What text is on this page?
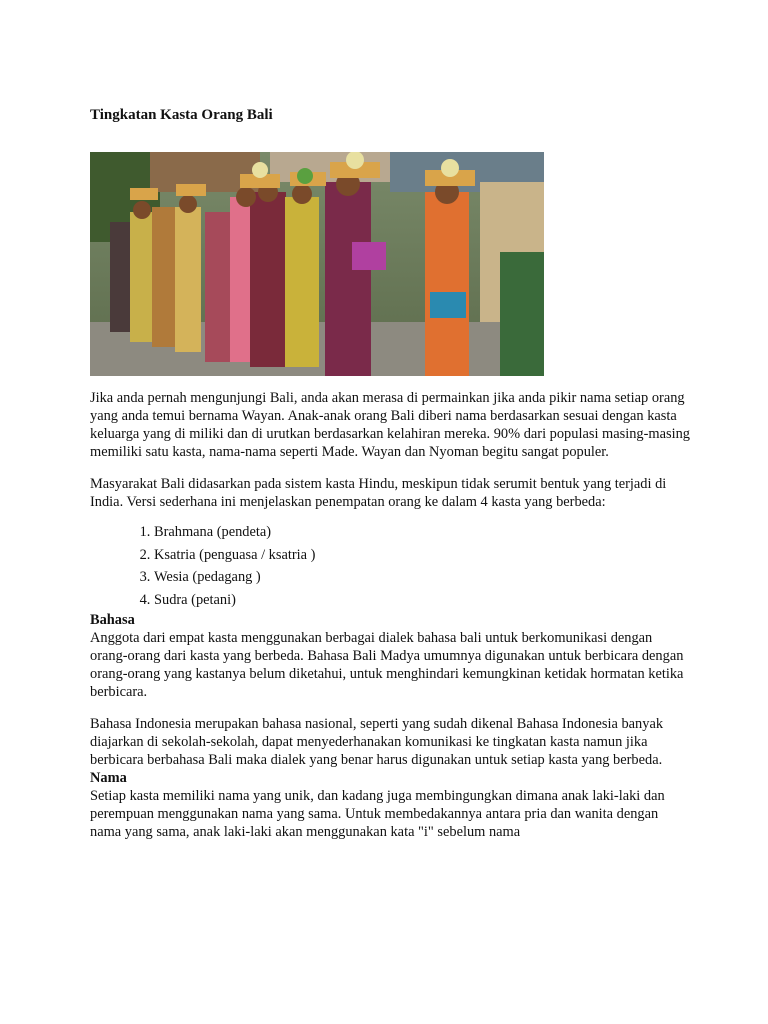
Tingkatan Kasta Orang Bali

Jika anda pernah mengunjungi Bali, anda akan merasa di permainkan jika anda pikir nama setiap orang yang anda temui bernama Wayan. Anak-anak orang Bali diberi nama berdasarkan sesuai dengan kasta keluarga yang di miliki dan di urutkan berdasarkan kelahiran mereka. 90% dari populasi masing-masing memiliki satu kasta, nama-nama seperti Made. Wayan dan Nyoman begitu sangat populer.

Masyarakat Bali didasarkan pada sistem kasta Hindu, meskipun tidak serumit bentuk yang terjadi di India. Versi sederhana ini menjelaskan penempatan orang ke dalam 4 kasta yang berbeda:

1. Brahmana (pendeta)
2. Ksatria (penguasa / ksatria )
3. Wesia (pedagang )
4. Sudra (petani)
Bahasa

Anggota dari empat kasta menggunakan berbagai dialek bahasa bali untuk berkomunikasi dengan orang-orang dari kasta yang berbeda. Bahasa Bali Madya umumnya digunakan untuk berbicara dengan orang-orang yang kastanya belum diketahui, untuk menghindari kemungkinan ketidak hormatan ketika berbicara.

Bahasa Indonesia merupakan bahasa nasional, seperti yang sudah dikenal Bahasa Indonesia banyak diajarkan di sekolah-sekolah, dapat menyederhanakan komunikasi ke tingkatan kasta namun jika berbicara berbahasa Bali maka dialek yang benar harus digunakan untuk setiap kasta yang berbeda.

Nama

Setiap kasta memiliki nama yang unik, dan kadang juga membingungkan dimana anak laki-laki dan perempuan menggunakan nama yang sama. Untuk membedakannya antara pria dan wanita dengan nama yang sama, anak laki-laki akan menggunakan kata "i" sebelum nama
